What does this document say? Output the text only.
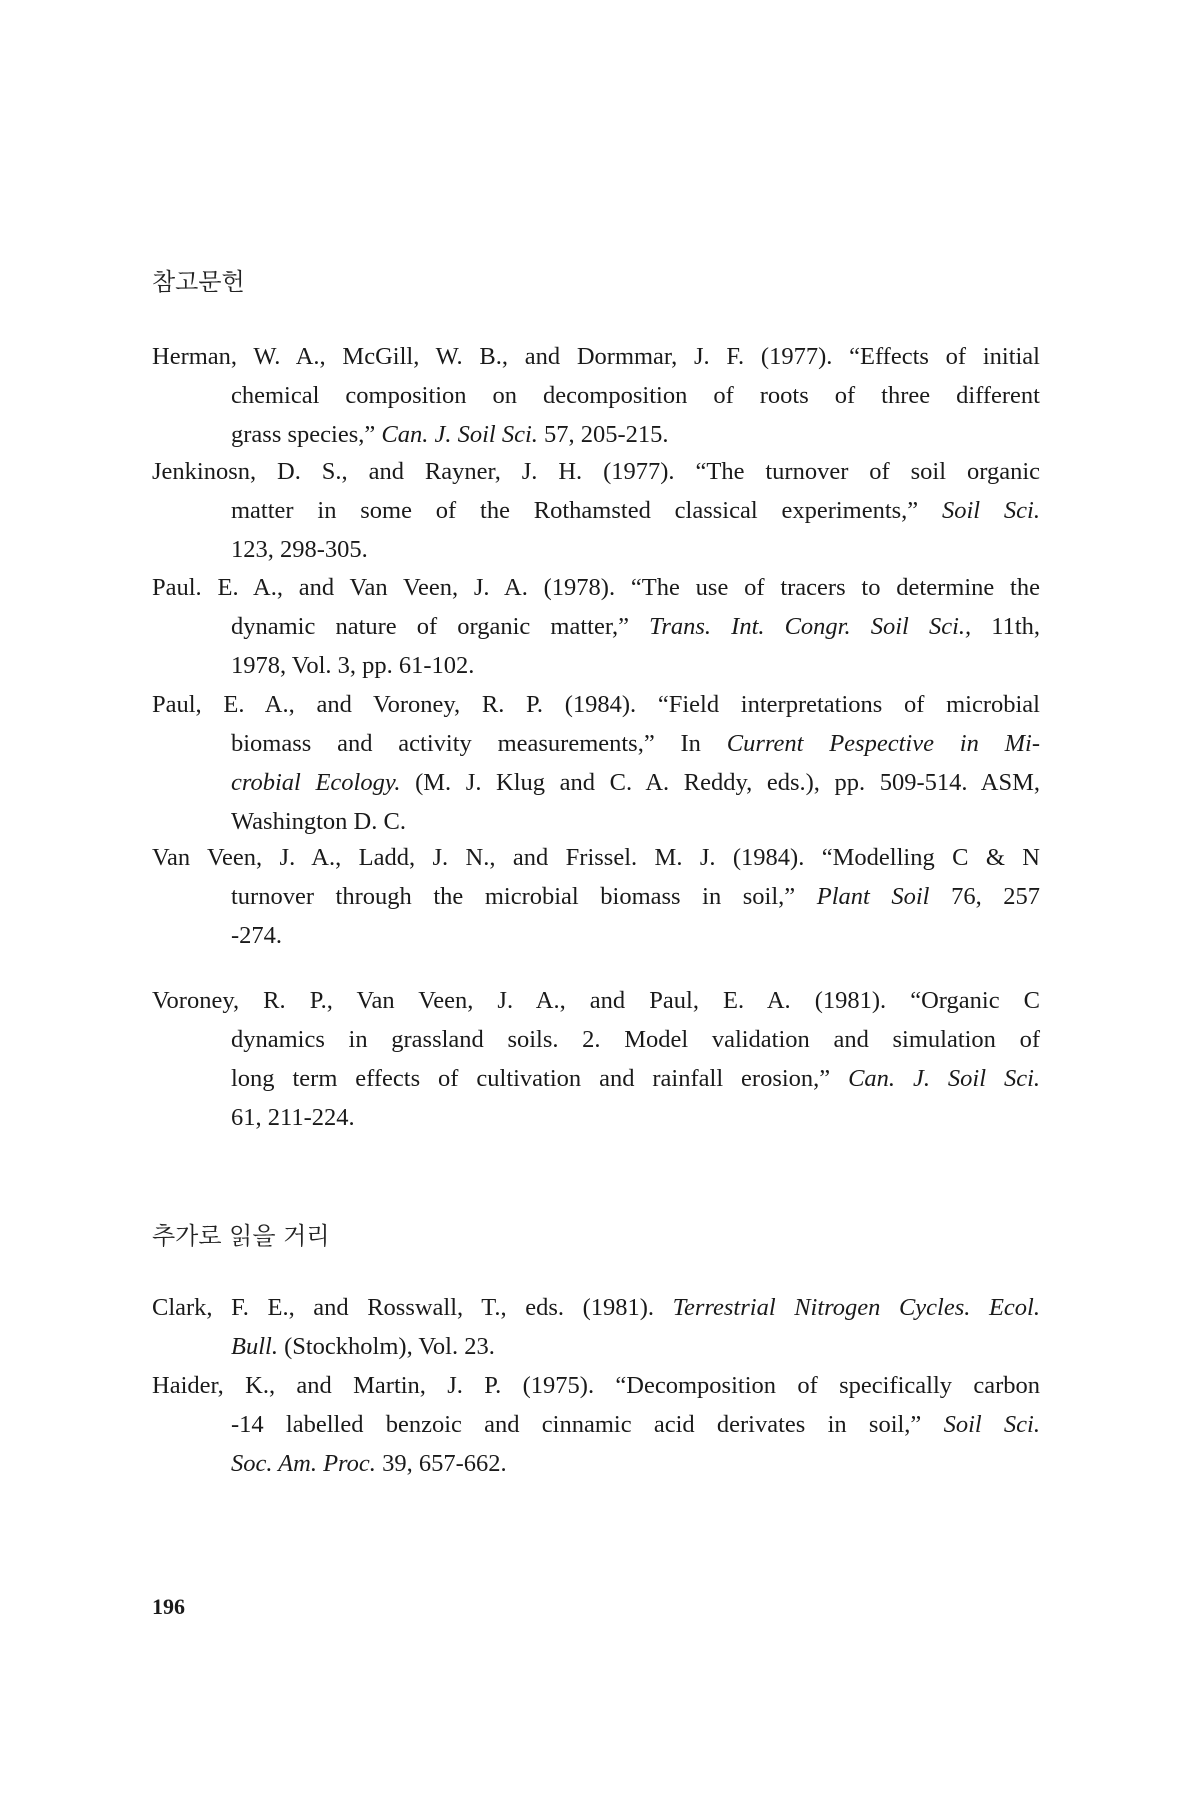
참고문헌
Herman, W. A., McGill, W. B., and Dormmar, J. F. (1977). “Effects of initial
chemical composition on decomposition of roots of three different
grass species,” Can. J. Soil Sci. 57, 205-215.
Jenkinosn, D. S., and Rayner, J. H. (1977). “The turnover of soil organic
matter in some of the Rothamsted classical experiments,” Soil Sci.
123, 298-305.
Paul. E. A., and Van Veen, J. A. (1978). “The use of tracers to determine the
dynamic nature of organic matter,” Trans. Int. Congr. Soil Sci., 11th,
1978, Vol. 3, pp. 61-102.
Paul, E. A., and Voroney, R. P. (1984). “Field interpretations of microbial
biomass and activity measurements,” In Current Pespective in Mi-
crobial Ecology. (M. J. Klug and C. A. Reddy, eds.), pp. 509-514. ASM,
Washington D. C.
Van Veen, J. A., Ladd, J. N., and Frissel. M. J. (1984). “Modelling C & N
turnover through the microbial biomass in soil,” Plant Soil 76, 257
-274.
Voroney, R. P., Van Veen, J. A., and Paul, E. A. (1981). “Organic C
dynamics in grassland soils. 2. Model validation and simulation of
long term effects of cultivation and rainfall erosion,” Can. J. Soil Sci.
61, 211-224.
추가로 읽을 거리
Clark, F. E., and Rosswall, T., eds. (1981). Terrestrial Nitrogen Cycles. Ecol.
Bull. (Stockholm), Vol. 23.
Haider, K., and Martin, J. P. (1975). “Decomposition of specifically carbon
-14 labelled benzoic and cinnamic acid derivates in soil,” Soil Sci.
Soc. Am. Proc. 39, 657-662.
196
